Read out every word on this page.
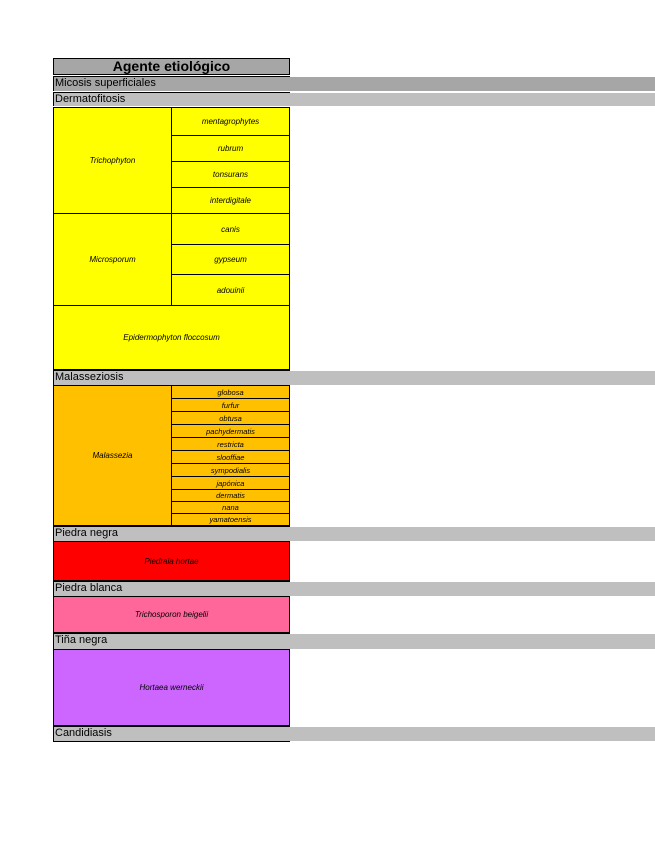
Agente etiológico
Micosis superficiales
Dermatofitosis
Trichophyton
mentagrophytes
rubrum
tonsurans
interdigitale
Microsporum
canis
gypseum
adouinii
Epidermophyton floccosum
Malasseziosis
Malassezia
globosa
furfur
obtusa
pachydermatis
restricta
slooffiae
sympodialis
japónica
dermatis
nana
yamatoensis
Piedra negra
Piedraia hortae
Piedra blanca
Trichosporon beigelii
Tiña negra
Hortaea werneckii
Candidiasis
